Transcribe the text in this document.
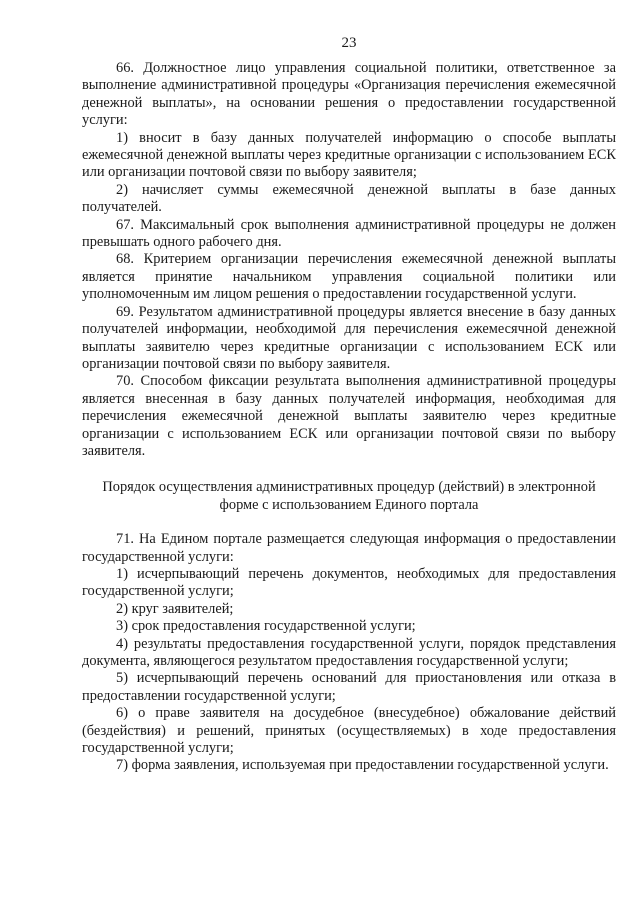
23

66. Должностное лицо управления социальной политики, ответственное за выполнение административной процедуры «Организация перечисления ежемесячной денежной выплаты», на основании решения о предоставлении государственной услуги:

1) вносит в базу данных получателей информацию о способе выплаты ежемесячной денежной выплаты через кредитные организации с использованием ЕСК или организации почтовой связи по выбору заявителя;

2) начисляет суммы ежемесячной денежной выплаты в базе данных получателей.

67. Максимальный срок выполнения административной процедуры не должен превышать одного рабочего дня.

68. Критерием организации перечисления ежемесячной денежной выплаты является принятие начальником управления социальной политики или уполномоченным им лицом решения о предоставлении государственной услуги.

69. Результатом административной процедуры является внесение в базу данных получателей информации, необходимой для перечисления ежемесячной денежной выплаты заявителю через кредитные организации с использованием ЕСК или организации почтовой связи по выбору заявителя.

70. Способом фиксации результата выполнения административной процедуры является внесенная в базу данных получателей информация, необходимая для перечисления ежемесячной денежной выплаты заявителю через кредитные организации с использованием ЕСК или организации почтовой связи по выбору заявителя.

Порядок осуществления административных процедур (действий) в электронной форме с использованием Единого портала

71. На Едином портале размещается следующая информация о предоставлении государственной услуги:

1) исчерпывающий перечень документов, необходимых для предоставления государственной услуги;

2) круг заявителей;

3) срок предоставления государственной услуги;

4) результаты предоставления государственной услуги, порядок представления документа, являющегося результатом предоставления государственной услуги;

5) исчерпывающий перечень оснований для приостановления или отказа в предоставлении государственной услуги;

6) о праве заявителя на досудебное (внесудебное) обжалование действий (бездействия) и решений, принятых (осуществляемых) в ходе предоставления государственной услуги;

7) форма заявления, используемая при предоставлении государственной услуги.
